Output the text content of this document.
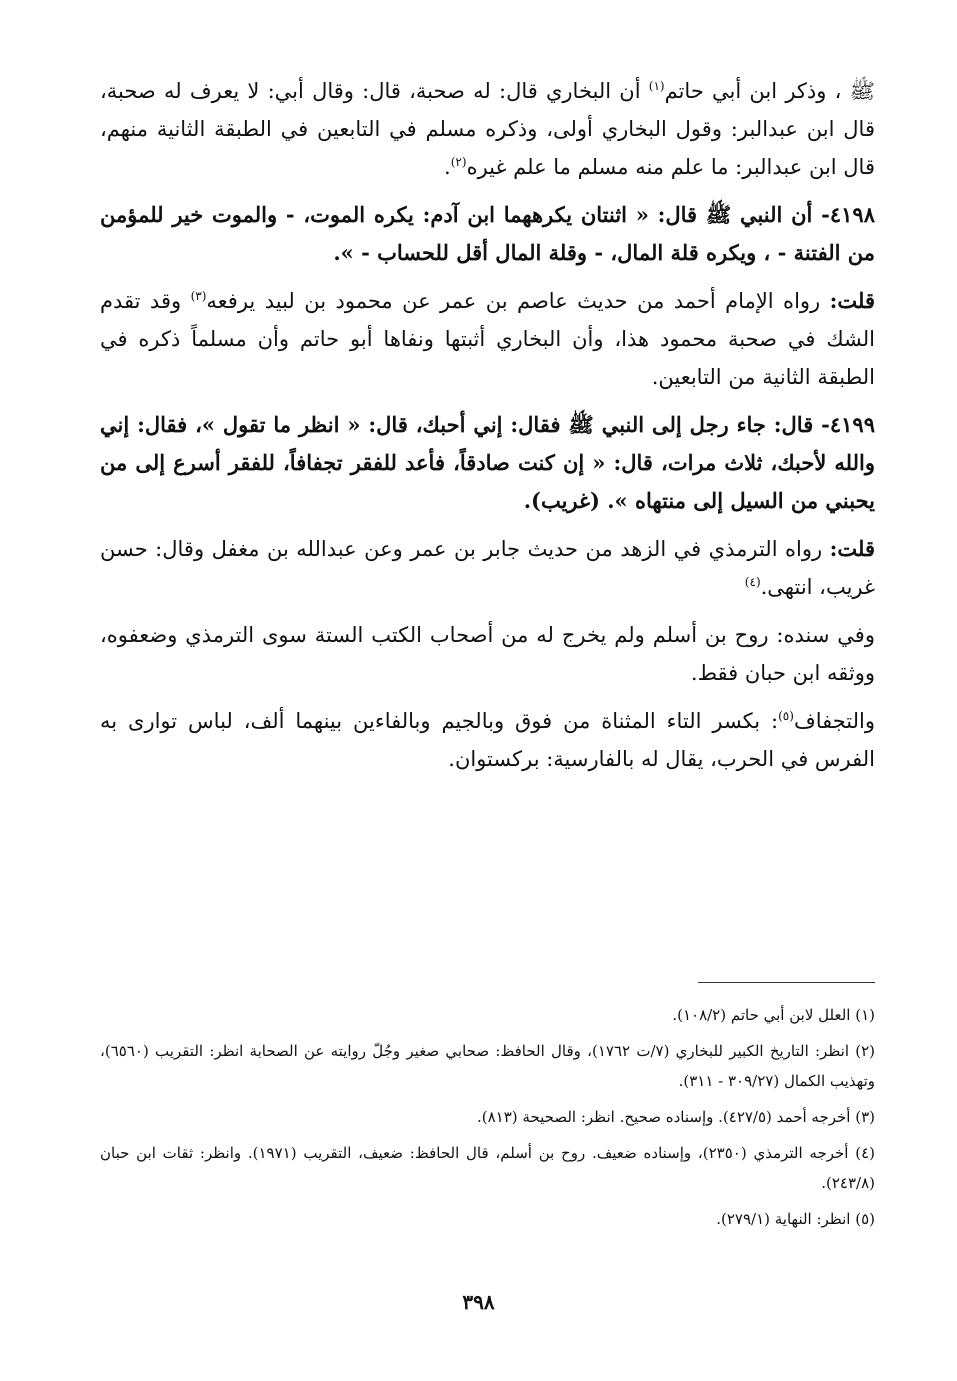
ﷺ ، وذكر ابن أبي حاتم$^{(١)}$ أن البخاري قال: له صحبة، قال: وقال أبي: لا يعرف له صحبة، قال ابن عبدالبر: وقول البخاري أولى، وذكره مسلم في التابعين في الطبقة الثانية منهم، قال ابن عبدالبر: ما علم منه مسلم ما علم غيره$^{(٢)}$.

٤١٩٨- أن النبي ﷺ قال: « اثنتان يكرههما ابن آدم: يكره الموت، - والموت خير للمؤمن من الفتنة - ، ويكره قلة المال، - وقلة المال أقل للحساب - ».

قلت: رواه الإمام أحمد من حديث عاصم بن عمر عن محمود بن لبيد يرفعه$^{(٣)}$ وقد تقدم الشك في صحبة محمود هذا، وأن البخاري أثبتها ونفاها أبو حاتم وأن مسلماً ذكره في الطبقة الثانية من التابعين.

٤١٩٩- قال: جاء رجل إلى النبي ﷺ فقال: إني أحبك، قال: « انظر ما تقول »، فقال: إني والله لأحبك، ثلاث مرات، قال: « إن كنت صادقاً، فأعد للفقر تجفافاً، للفقر أسرع إلى من يحبني من السيل إلى منتهاه ». (غريب).

قلت: رواه الترمذي في الزهد من حديث جابر بن عمر وعن عبدالله بن مغفل وقال: حسن غريب، انتهى.$^{(٤)}$

وفي سنده: روح بن أسلم ولم يخرج له من أصحاب الكتب الستة سوى الترمذي وضعفوه، ووثقه ابن حبان فقط.

والتجفاف$^{(٥)}$: بكسر التاء المثناة من فوق وبالجيم وبالفاءين بينهما ألف، لباس توارى به الفرس في الحرب، يقال له بالفارسية: بركستوان.

(١) العلل لابن أبي حاتم (١٠٨/٢).

(٢) انظر: التاريخ الكبير للبخاري (٧/ت ١٧٦٢)، وقال الحافظ: صحابي صغير وجُلّ روايته عن الصحابة انظر: التقريب (٦٥٦٠)، وتهذيب الكمال (٣٠٩/٢٧ - ٣١١).

(٣) أخرجه أحمد (٤٢٧/٥). وإسناده صحيح. انظر: الصحيحة (٨١٣).

(٤) أخرجه الترمذي (٢٣٥٠)، وإسناده ضعيف. روح بن أسلم، قال الحافظ: ضعيف، التقريب (١٩٧١). وانظر: ثقات ابن حبان (٢٤٣/٨).

(٥) انظر: النهاية (٢٧٩/١).

٣٩٨
